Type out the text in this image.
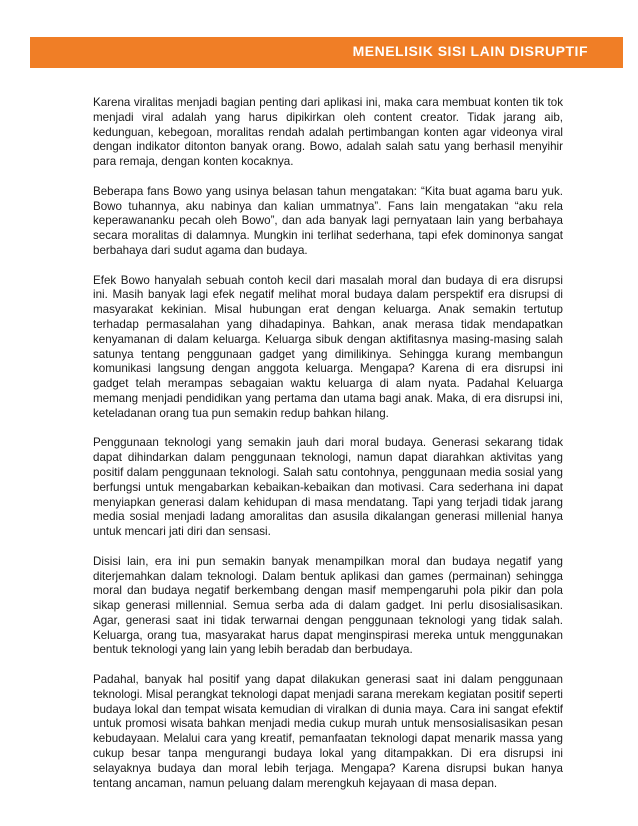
MENELISIK SISI LAIN DISRUPTIF

Karena viralitas menjadi bagian penting dari aplikasi ini, maka cara membuat konten tik tok menjadi viral adalah yang harus dipikirkan oleh content creator. Tidak jarang aib, kedunguan, kebegoan, moralitas rendah adalah pertimbangan konten agar videonya viral dengan indikator ditonton banyak orang. Bowo, adalah salah satu yang berhasil menyihir para remaja, dengan konten kocaknya.

Beberapa fans Bowo yang usinya belasan tahun mengatakan: “Kita buat agama baru yuk. Bowo tuhannya, aku nabinya dan kalian ummatnya”. Fans lain mengatakan “aku rela keperawananku pecah oleh Bowo”, dan ada banyak lagi pernyataan lain yang berbahaya secara moralitas di dalamnya. Mungkin ini terlihat sederhana, tapi efek dominonya sangat berbahaya dari sudut agama dan budaya.

Efek Bowo hanyalah sebuah contoh kecil dari masalah moral dan budaya di era disrupsi ini. Masih banyak lagi efek negatif melihat moral budaya dalam perspektif era disrupsi di masyarakat kekinian. Misal hubungan erat dengan keluarga. Anak semakin tertutup terhadap permasalahan yang dihadapinya. Bahkan, anak merasa tidak mendapatkan kenyamanan di dalam keluarga. Keluarga sibuk dengan aktifitasnya masing-masing salah satunya tentang penggunaan gadget yang dimilikinya. Sehingga kurang membangun komunikasi langsung dengan anggota keluarga. Mengapa? Karena di era disrupsi ini gadget telah merampas sebagaian waktu keluarga di alam nyata. Padahal Keluarga memang menjadi pendidikan yang pertama dan utama bagi anak. Maka, di era disrupsi ini, keteladanan orang tua pun semakin redup bahkan hilang.

Penggunaan teknologi yang semakin jauh dari moral budaya. Generasi sekarang tidak dapat dihindarkan dalam penggunaan teknologi, namun dapat diarahkan aktivitas yang positif dalam penggunaan teknologi. Salah satu contohnya, penggunaan media sosial yang berfungsi untuk mengabarkan kebaikan-kebaikan dan motivasi. Cara sederhana ini dapat menyiapkan generasi dalam kehidupan di masa mendatang. Tapi yang terjadi tidak jarang media sosial menjadi ladang amoralitas dan asusila dikalangan generasi millenial hanya untuk mencari jati diri dan sensasi.

Disisi lain, era ini pun semakin banyak menampilkan moral dan budaya negatif yang diterjemahkan dalam teknologi. Dalam bentuk aplikasi dan games (permainan) sehingga moral dan budaya negatif berkembang dengan masif mempengaruhi pola pikir dan pola sikap generasi millennial. Semua serba ada di dalam gadget. Ini perlu disosialisasikan. Agar, generasi saat ini tidak terwarnai dengan penggunaan teknologi yang tidak salah. Keluarga, orang tua, masyarakat harus dapat menginspirasi mereka untuk menggunakan bentuk teknologi yang lain yang lebih beradab dan berbudaya.

Padahal, banyak hal positif yang dapat dilakukan generasi saat ini dalam penggunaan teknologi. Misal perangkat teknologi dapat menjadi sarana merekam kegiatan positif seperti budaya lokal dan tempat wisata kemudian di viralkan di dunia maya. Cara ini sangat efektif untuk promosi wisata bahkan menjadi media cukup murah untuk mensosialisasikan pesan kebudayaan. Melalui cara yang kreatif, pemanfaatan teknologi dapat menarik massa yang cukup besar tanpa mengurangi budaya lokal yang ditampakkan. Di era disrupsi ini selayaknya budaya dan moral lebih terjaga. Mengapa? Karena disrupsi bukan hanya tentang ancaman, namun peluang dalam merengkuh kejayaan di masa depan.
